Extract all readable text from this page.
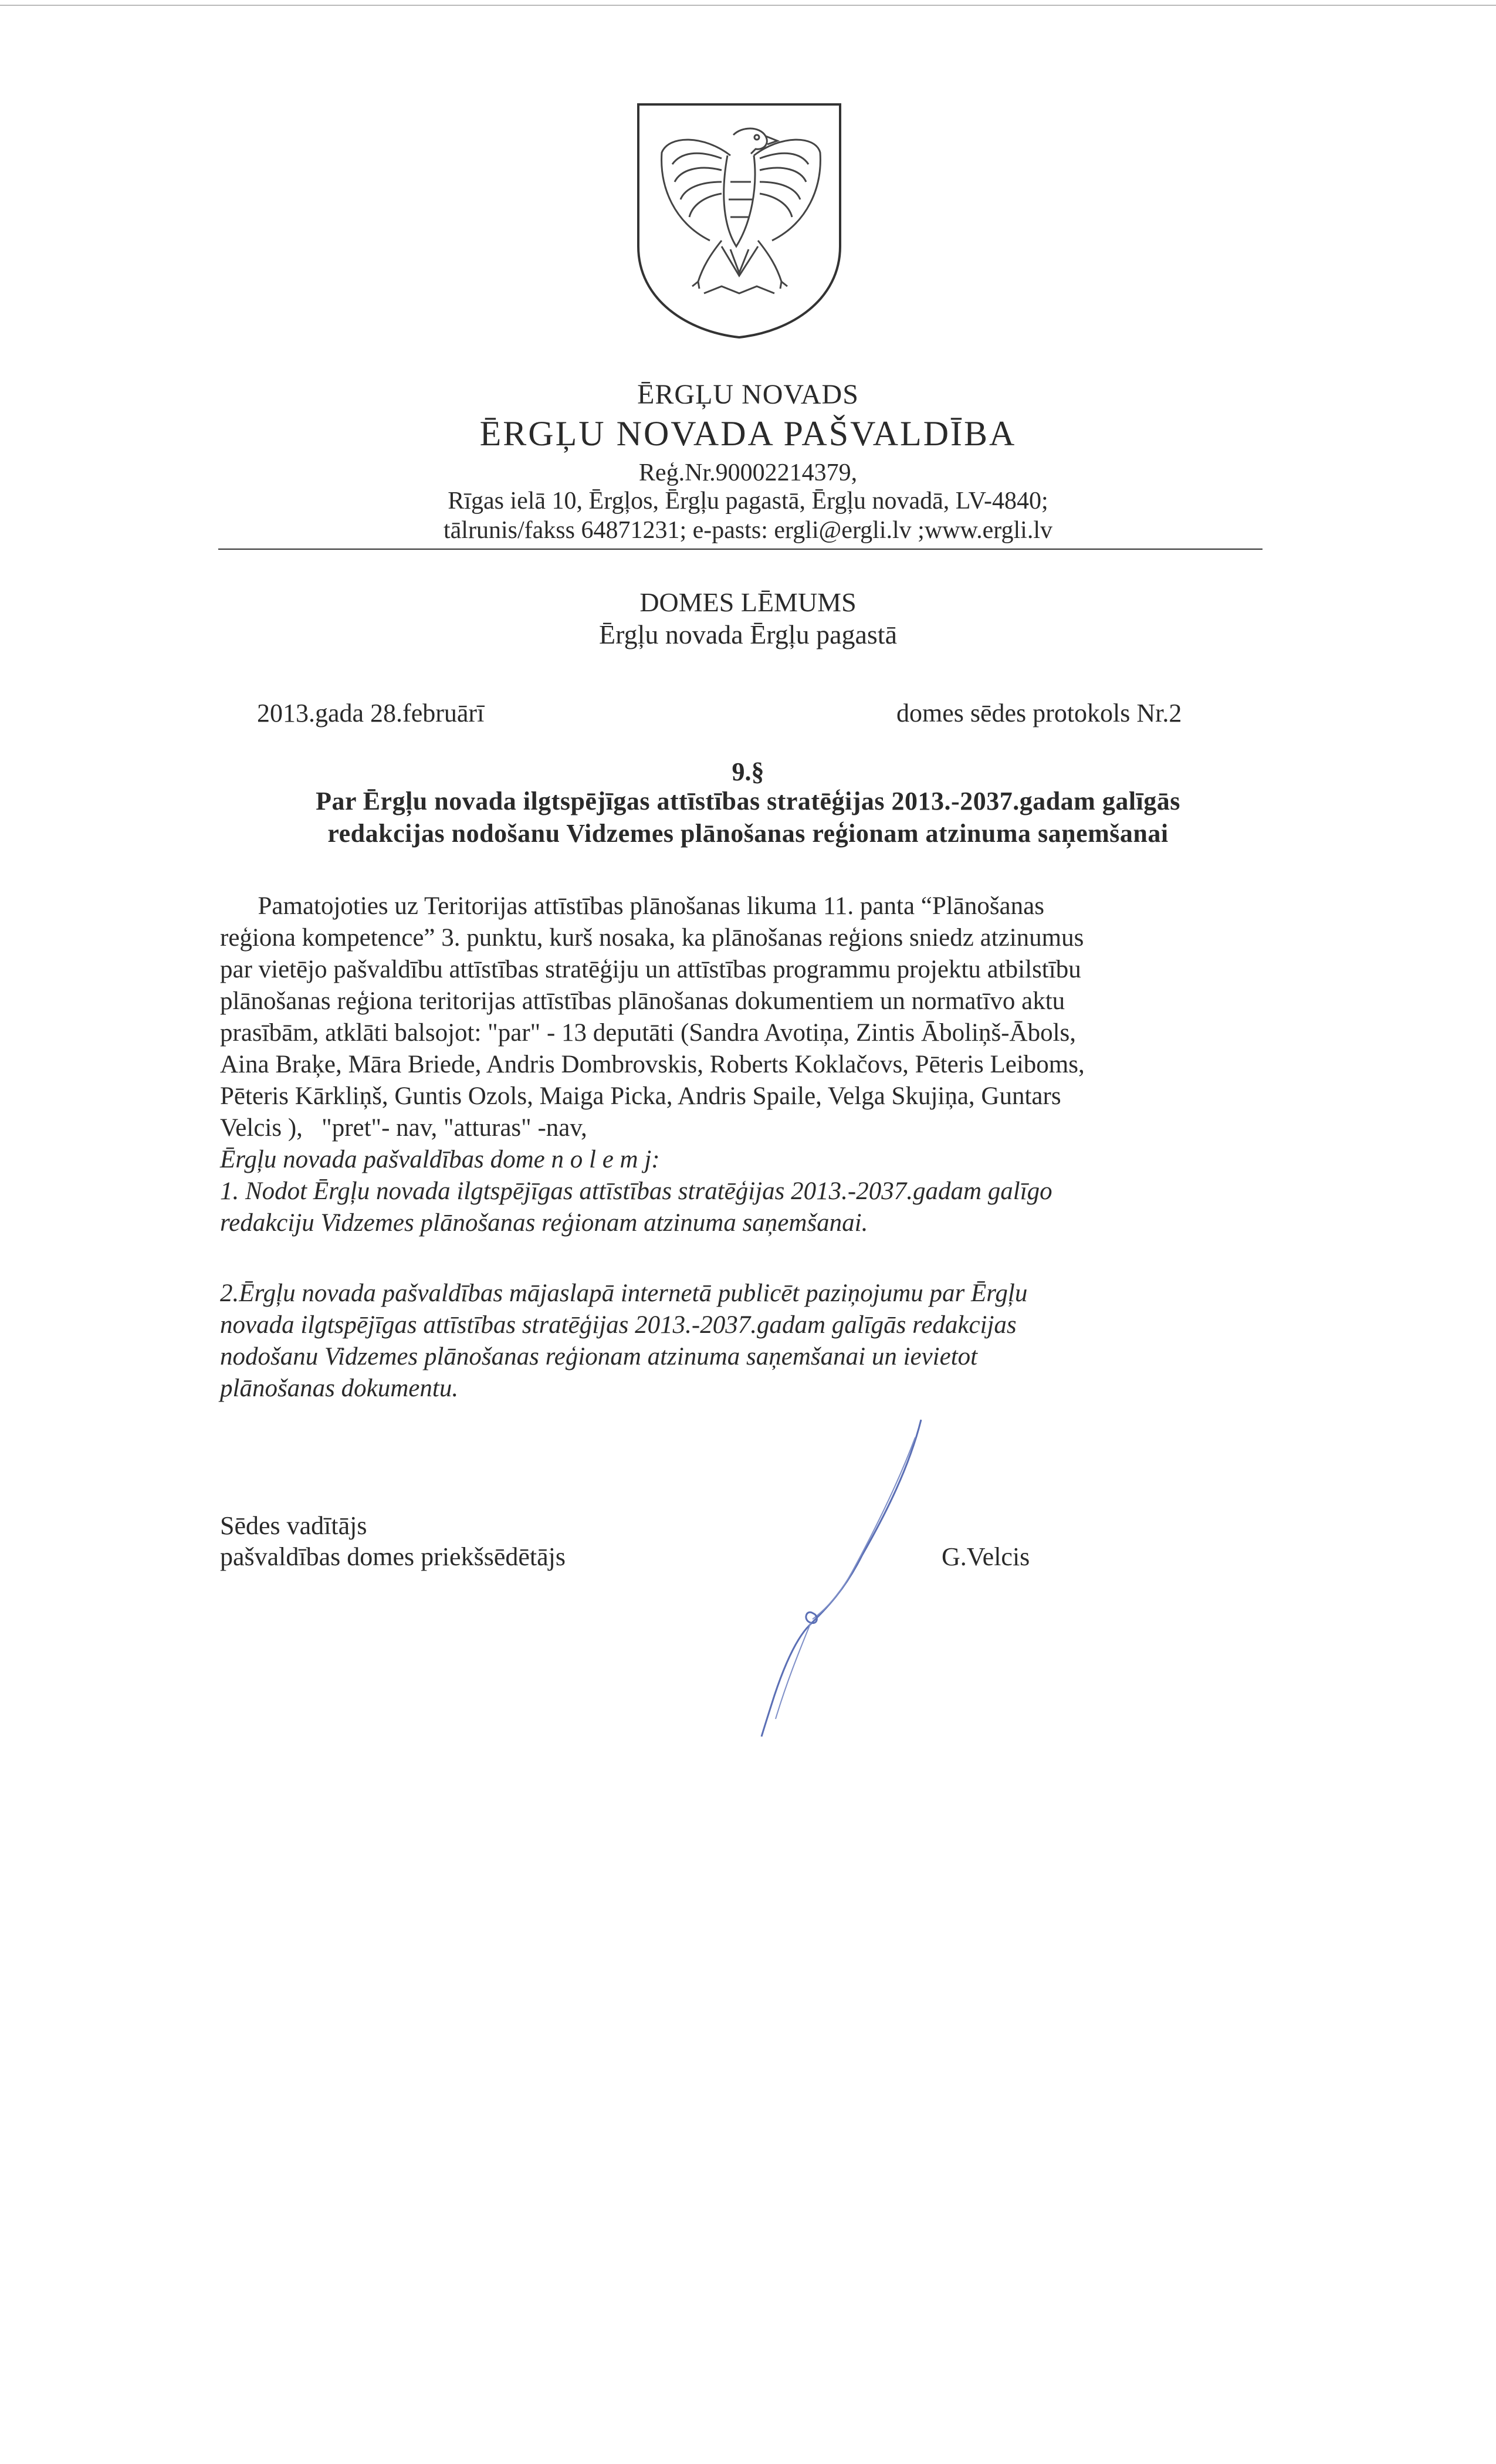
ĒRGĻU NOVADS
ĒRGĻU NOVADA PAŠVALDĪBA
Reģ.Nr.90002214379,
Rīgas ielā 10, Ērgļos, Ērgļu pagastā, Ērgļu novadā, LV-4840;
tālrunis/fakss 64871231; e-pasts: ergli@ergli.lv ;www.ergli.lv
DOMES LĒMUMS
Ērgļu novada Ērgļu pagastā
2013.gada 28.februārī	domes sēdes protokols Nr.2
9.§
Par Ērgļu novada ilgtspējīgas attīstības stratēģijas 2013.-2037.gadam galīgās
redakcijas nodošanu Vidzemes plānošanas reģionam atzinuma saņemšanai
Pamatojoties uz Teritorijas attīstības plānošanas likuma 11. panta “Plānošanas
reģiona kompetence” 3. punktu, kurš nosaka, ka plānošanas reģions sniedz atzinumus
par vietējo pašvaldību attīstības stratēģiju un attīstības programmu projektu atbilstību
plānošanas reģiona teritorijas attīstības plānošanas dokumentiem un normatīvo aktu
prasībām, atklāti balsojot: "par" - 13 deputāti (Sandra Avotiņa, Zintis Āboliņš-Ābols,
Aina Braķe, Māra Briede, Andris Dombrovskis, Roberts Koklačovs, Pēteris Leiboms,
Pēteris Kārkliņš, Guntis Ozols, Maiga Picka, Andris Spaile, Velga Skujiņa, Guntars
Velcis ),   "pret"- nav, "atturas" -nav,
Ērgļu novada pašvaldības dome n o l e m j:
1. Nodot Ērgļu novada ilgtspējīgas attīstības stratēģijas 2013.-2037.gadam galīgo
redakciju Vidzemes plānošanas reģionam atzinuma saņemšanai.
2.Ērgļu novada pašvaldības mājaslapā internetā publicēt paziņojumu par Ērgļu
novada ilgtspējīgas attīstības stratēģijas 2013.-2037.gadam galīgās redakcijas
nodošanu Vidzemes plānošanas reģionam atzinuma saņemšanai un ievietot
plānošanas dokumentu.
Sēdes vadītājs
pašvaldības domes priekšsēdētājs	G.Velcis
